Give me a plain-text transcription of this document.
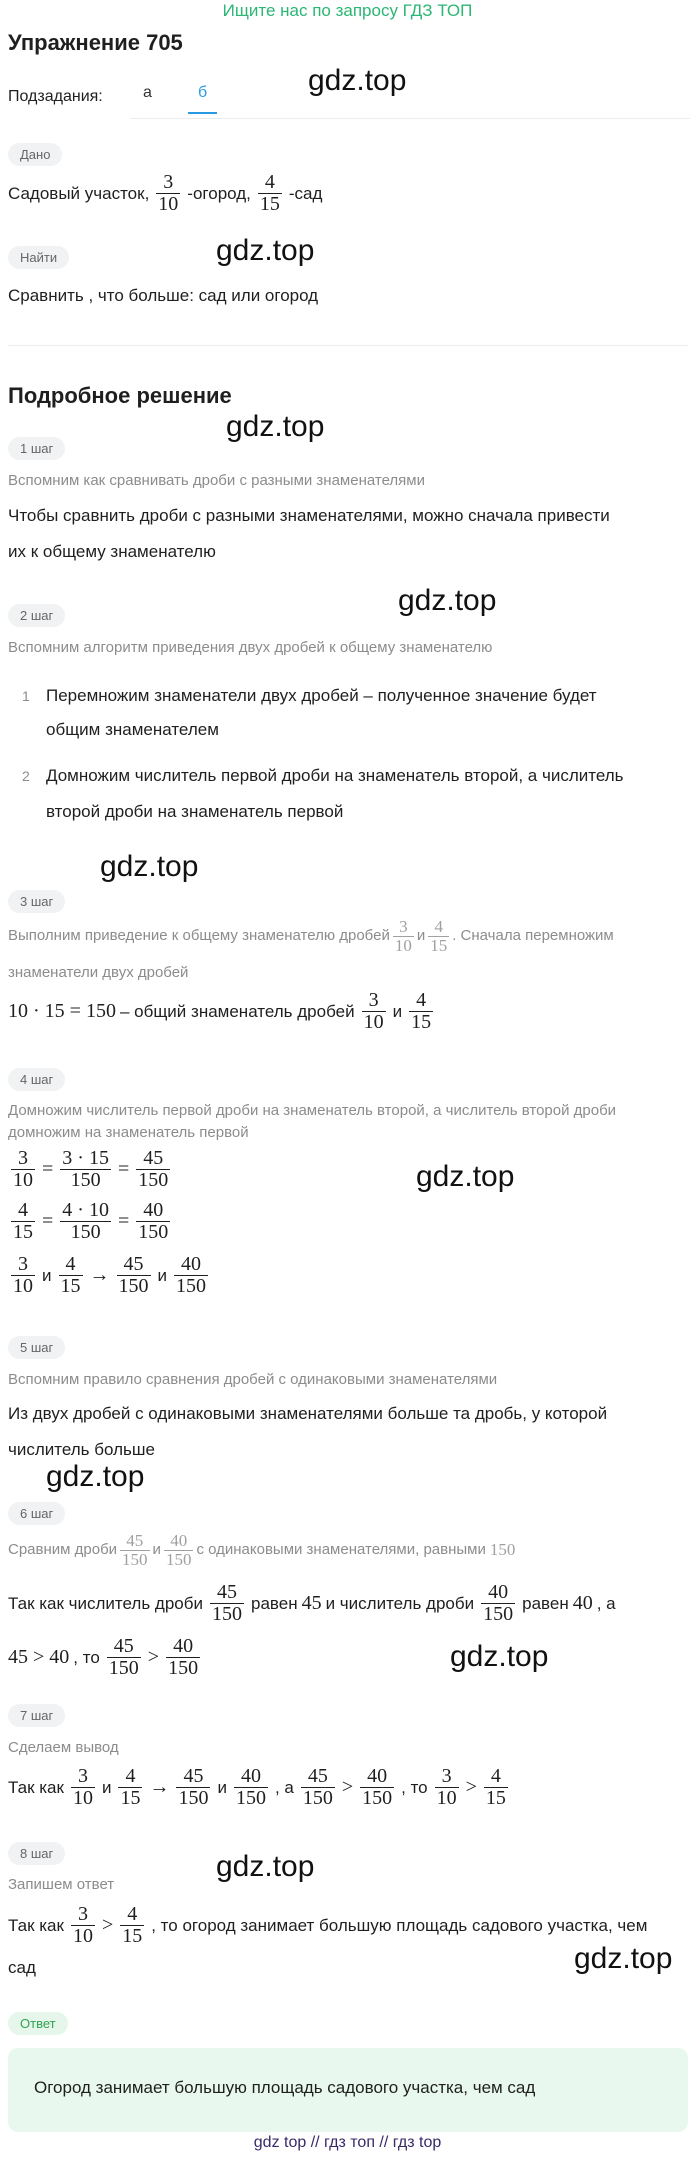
Ищите нас по запросу ГДЗ ТОП
Упражнение 705
Подзадания:	а	б	gdz.top
Дано
Садовый участок, $\frac{3}{10}$ -огород, $\frac{4}{15} -сад$
Найти	gdz.top
Сравнить , что больше: сад или огород
Подробное решение
gdz.top
1 шаг
Вспомним как сравнивать дроби с разными знаменателями
Чтобы сравнить дроби с разными знаменателями, можно сначала привести
их к общему знаменателю
gdz.top
2 шаг
Вспомним алгоритм приведения двух дробей к общему знаменателю
1 Перемножим знаменатели двух дробей – полученное значение будет
общим знаменателем
2 Домножим числитель первой дроби на знаменатель второй, а числитель
второй дроби на знаменатель первой
gdz.top
3 шаг
Выполним приведение к общему знаменателю дробей $\frac{3}{10}$ и $\frac{4}{15}$ . Сначала перемножим
знаменатели двух дробей
10 · 15 = 150 – общий знаменатель дробей $\frac{3}{10}$ и $\frac{4}{15}$
4 шаг
Домножим числитель первой дроби на знаменатель второй, а числитель второй дроби
домножим на знаменатель первой
$\frac{3}{10} = \frac{3 \cdot 15}{150} = \frac{45}{150}$	gdz.top
$\frac{4}{15} = \frac{4 \cdot 10}{150} = \frac{40}{150}$
$\frac{3}{10}$ и $\frac{4}{15} \to \frac{45}{150}$ и $\frac{40}{150}$
5 шаг
Вспомним правило сравнения дробей с одинаковыми знаменателями
Из двух дробей с одинаковыми знаменателями больше та дробь, у которой
числитель больше
gdz.top
6 шаг
Сравним дроби $\frac{45}{150}$ и $\frac{40}{150}$ с одинаковыми знаменателями, равными 150
Так как числитель дроби $\frac{45}{150}$ равен 45 и числитель дроби $\frac{40}{150}$ равен 40 , а
45 > 40 , то $\frac{45}{150} > \frac{40}{150}$	gdz.top
7 шаг
Сделаем вывод
Так как $\frac{3}{10}$ и $\frac{4}{15} \to \frac{45}{150}$ и $\frac{40}{150}$ , а $\frac{45}{150} > \frac{40}{150}$ , то $\frac{3}{10} > \frac{4}{15}$
8 шаг	gdz.top
Запишем ответ
Так как $\frac{3}{10} > \frac{4}{15}$ , то огород занимает большую площадь садового участка, чем
сад	gdz.top
Ответ
Огород занимает большую площадь садового участка, чем сад
gdz top // гдз топ // гдз top
